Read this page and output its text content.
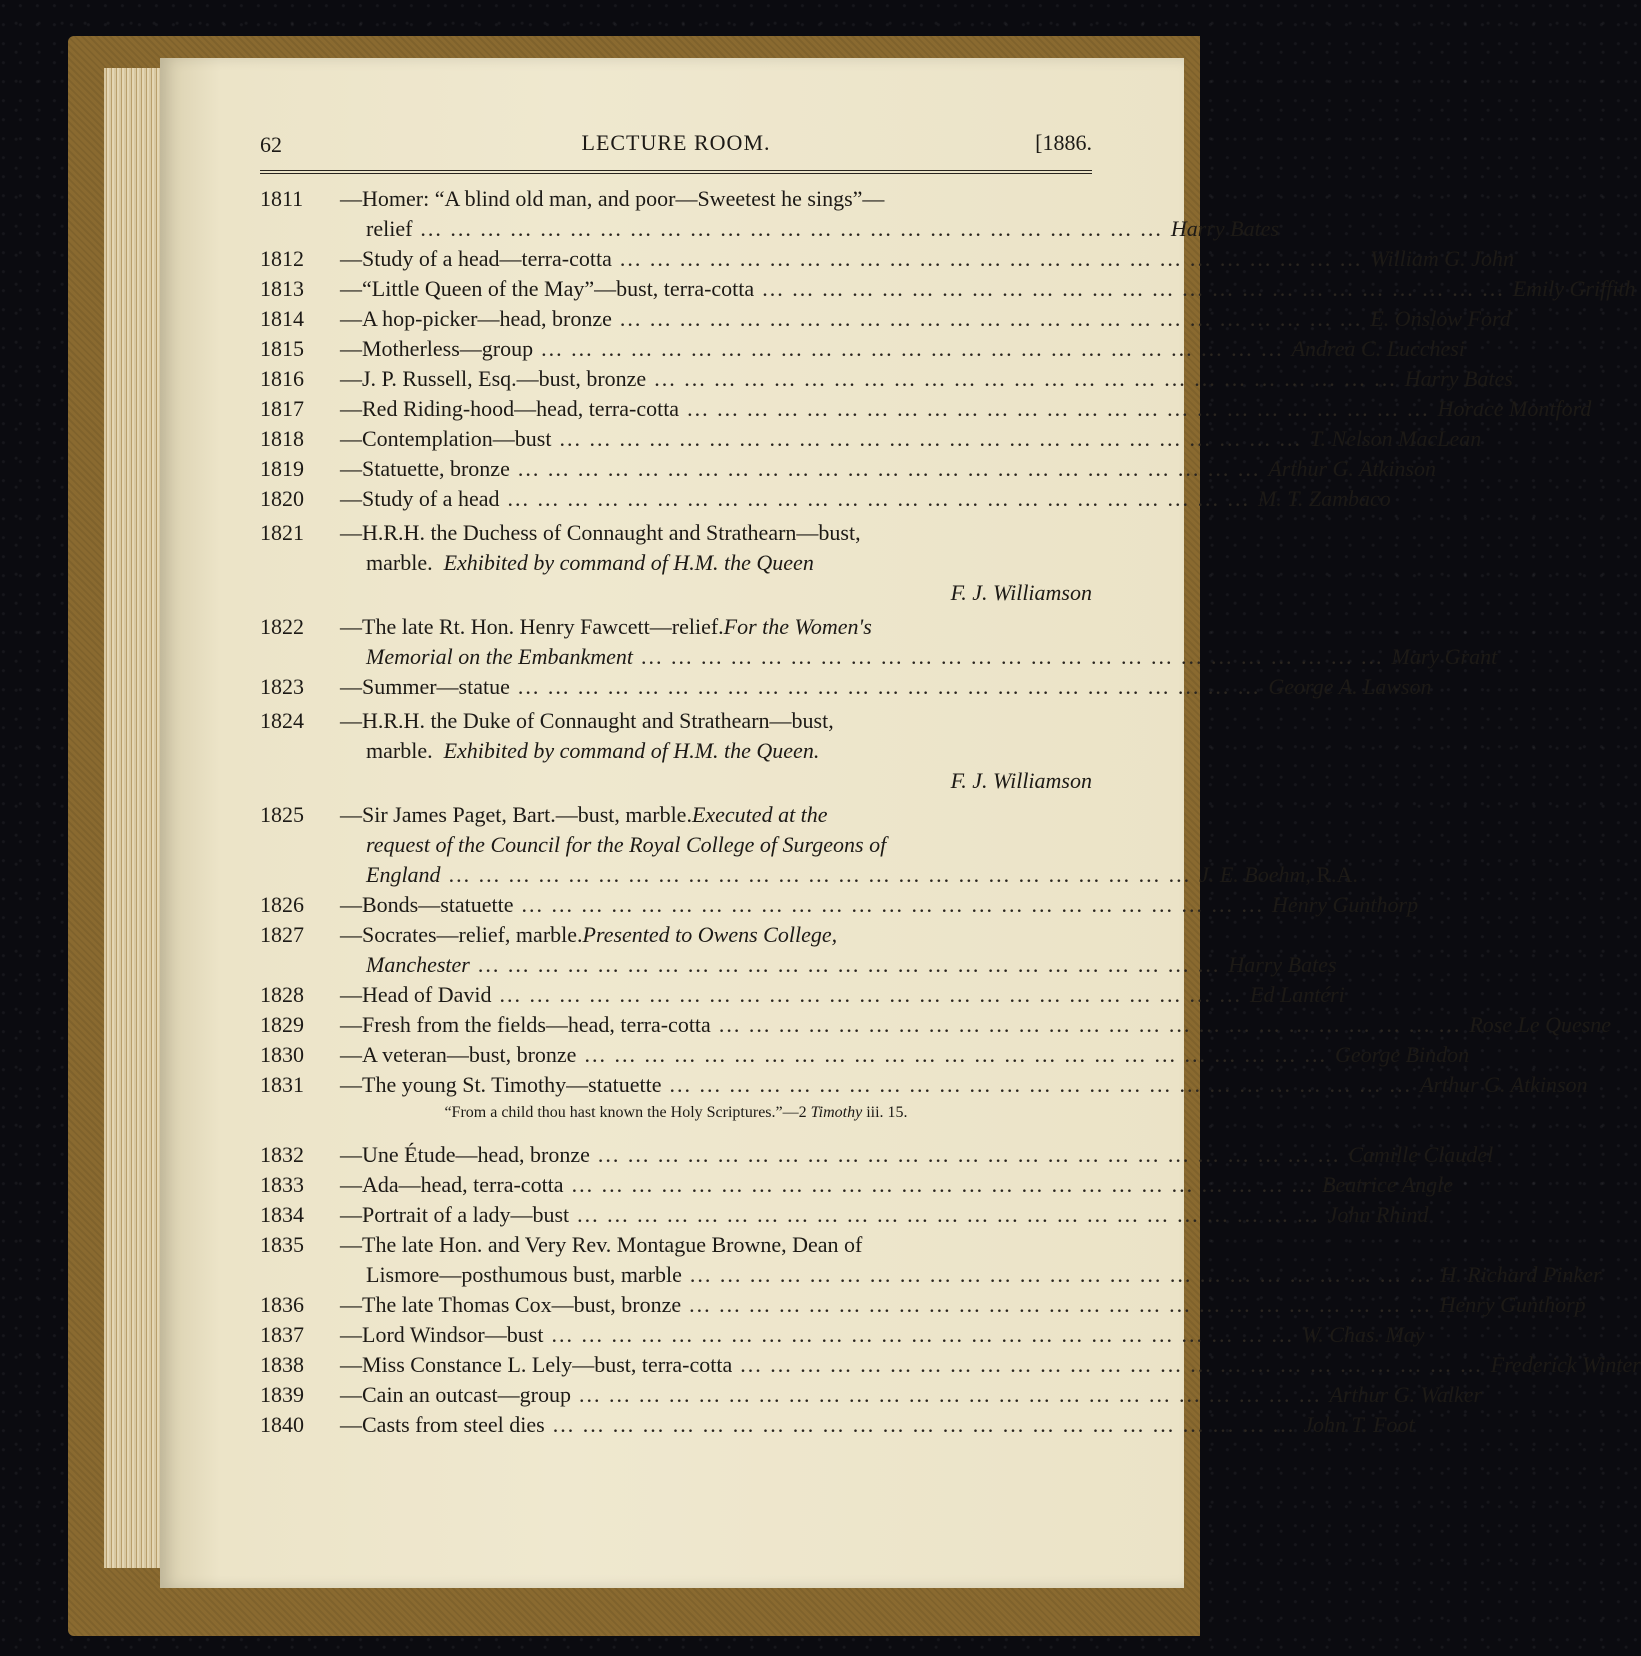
62	LECTURE ROOM.	[1886.
1811	—Homer: “A blind old man, and poor—Sweetest he sings”—
relief ... .	Harry Bates
1812	—Study of a head—terra-cotta ... .	William G. John
1813	—“Little Queen of the May”—bust, terra-cotta ... .	Emily Griffith
1814	—A hop-picker—head, bronze ... .	E. Onslow Ford
1815	—Motherless—group ... .	Andrea C. Lucchesi
1816	—J. P. Russell, Esq.—bust, bronze ... .	Harry Bates
1817	—Red Riding-hood—head, terra-cotta ... .	Horace Montford
1818	—Contemplation—bust ... .	T. Nelson MacLean
1819	—Statuette, bronze ... .	Arthur G. Atkinson
1820	—Study of a head ... .	M. T. Zambaco
1821	—H.R.H. the Duchess of Connaught and Strathearn—bust,
marble.
Exhibited by command of H.M. the Queen
F. J. Williamson
1822	—The late Rt. Hon. Henry Fawcett—relief. For the Women's
Memorial on the Embankment ... .	Mary Grant
1823	—Summer—statue ... .	George A. Lawson
1824	—H.R.H. the Duke of Connaught and Strathearn—bust,
marble.
Exhibited by command of H.M. the Queen.
F. J. Williamson
1825	—Sir James Paget, Bart.—bust, marble. Executed at the
request of the Council for the Royal College of Surgeons of
England ... .	J. E. Boehm, R.A.
1826	—Bonds—statuette ... .	Henry Gunthorp
1827	—Socrates—relief, marble. Presented to Owens College,
Manchester ... .	Harry Bates
1828	—Head of David ... .	Ed Lantéri
1829	—Fresh from the fields—head, terra-cotta ... .	Rose Le Quesne
1830	—A veteran—bust, bronze ... .	George Bindon
1831	—The young St. Timothy—statuette ... .	Arthur G. Atkinson
“From a child thou hast known the Holy Scriptures.”—2 Timothy iii. 15.
1832	—Une Étude—head, bronze ... .	Camille Claudel
1833	—Ada—head, terra-cotta ... .	Beatrice Angle
1834	—Portrait of a lady—bust ... .	John Rhind
1835	—The late Hon. and Very Rev. Montague Browne, Dean of
Lismore—posthumous bust, marble ... .	H. Richard Pinker
1836	—The late Thomas Cox—bust, bronze ... .	Henry Gunthorp
1837	—Lord Windsor—bust ... .	W. Chas. May
1838	—Miss Constance L. Lely—bust, terra-cotta ... .	Frederick Winter
1839	—Cain an outcast—group ... .	Arthur G. Walker
1840	—Casts from steel dies ... .	John T. Foot
